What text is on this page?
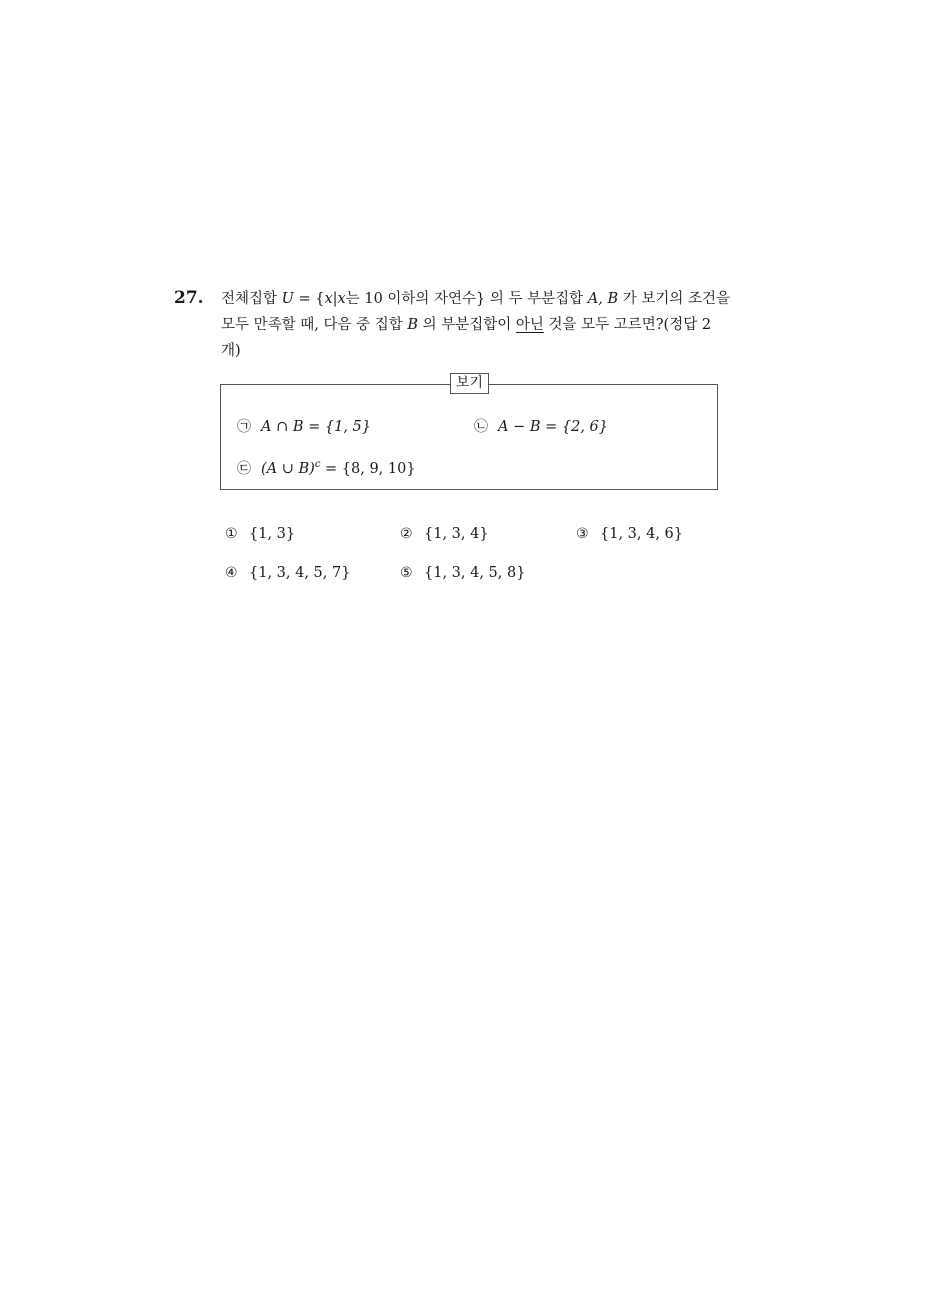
27. 전체집합 U = {x|x는 10 이하의 자연수} 의 두 부분집합 A, B 가 보기의 조건을
모두 만족할 때, 다음 중 집합 B 의 부분집합이 아닌 것을 모두 고르면?(정답 2
개)
보기
㉠ A ∩ B = {1, 5}	㉡ A − B = {2, 6}
㉢ (A ∪ B)$^c$ = {8, 9, 10}
① {1, 3}	② {1, 3, 4}	③ {1, 3, 4, 6}
④ {1, 3, 4, 5, 7}	⑤ {1, 3, 4, 5, 8}
